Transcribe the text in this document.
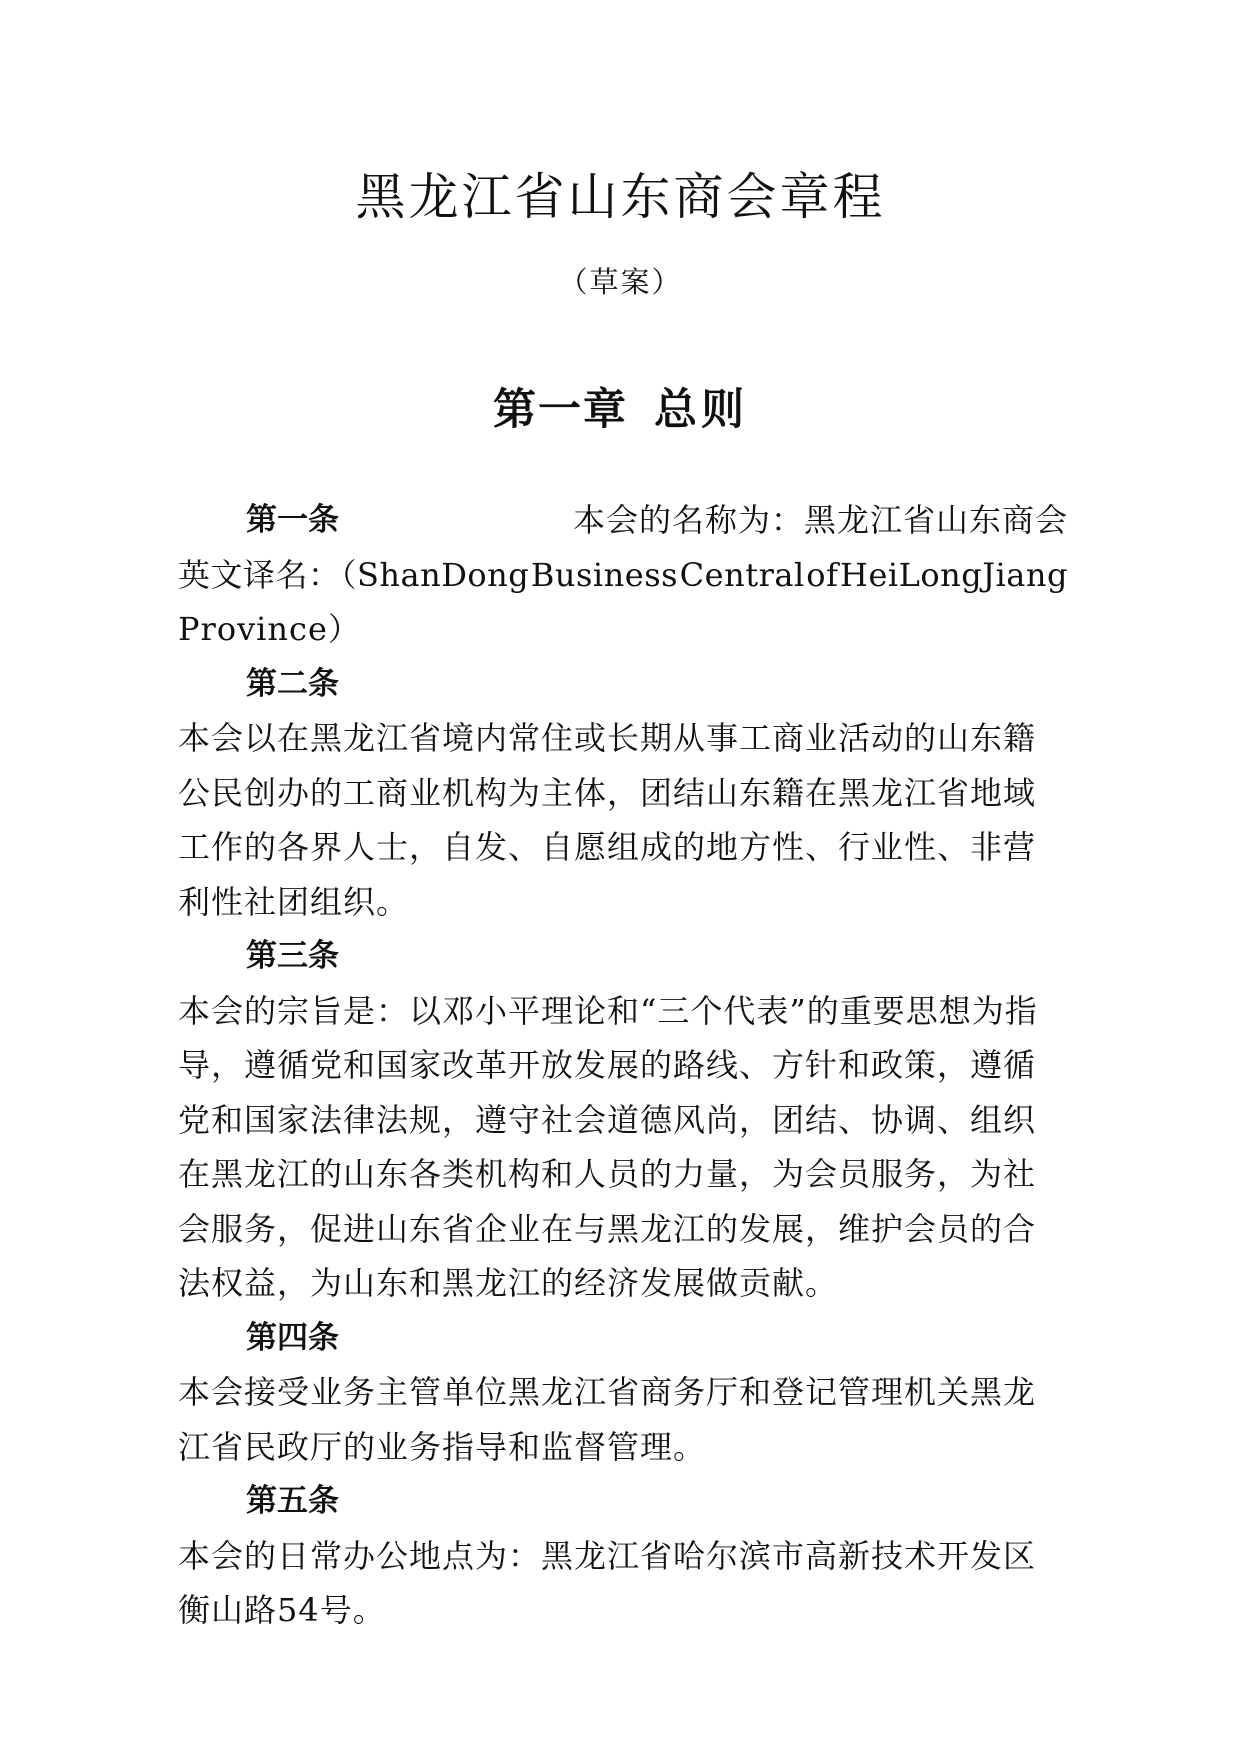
黑龙江省山东商会章程

（草案）

第一章 总则
第一条	本会的名称为：黑龙江省山东商会
英文译名：（ShanDong Business Central of HeiLongJiang

Province）

第二条

本会以在黑龙江省境内常住或长期从事工商业活动的山东籍
公民创办的工商业机构为主体，团结山东籍在黑龙江省地域
工作的各界人士，自发、自愿组成的地方性、行业性、非营
利性社团组织。

第三条

本会的宗旨是：以邓小平理论和“三个代表”的重要思想为指
导，遵循党和国家改革开放发展的路线、方针和政策，遵循
党和国家法律法规，遵守社会道德风尚，团结、协调、组织
在黑龙江的山东各类机构和人员的力量，为会员服务，为社
会服务，促进山东省企业在与黑龙江的发展，维护会员的合
法权益，为山东和黑龙江的经济发展做贡献。

第四条

本会接受业务主管单位黑龙江省商务厅和登记管理机关黑龙
江省民政厅的业务指导和监督管理。

第五条

本会的日常办公地点为：黑龙江省哈尔滨市高新技术开发区
衡山路54号。
